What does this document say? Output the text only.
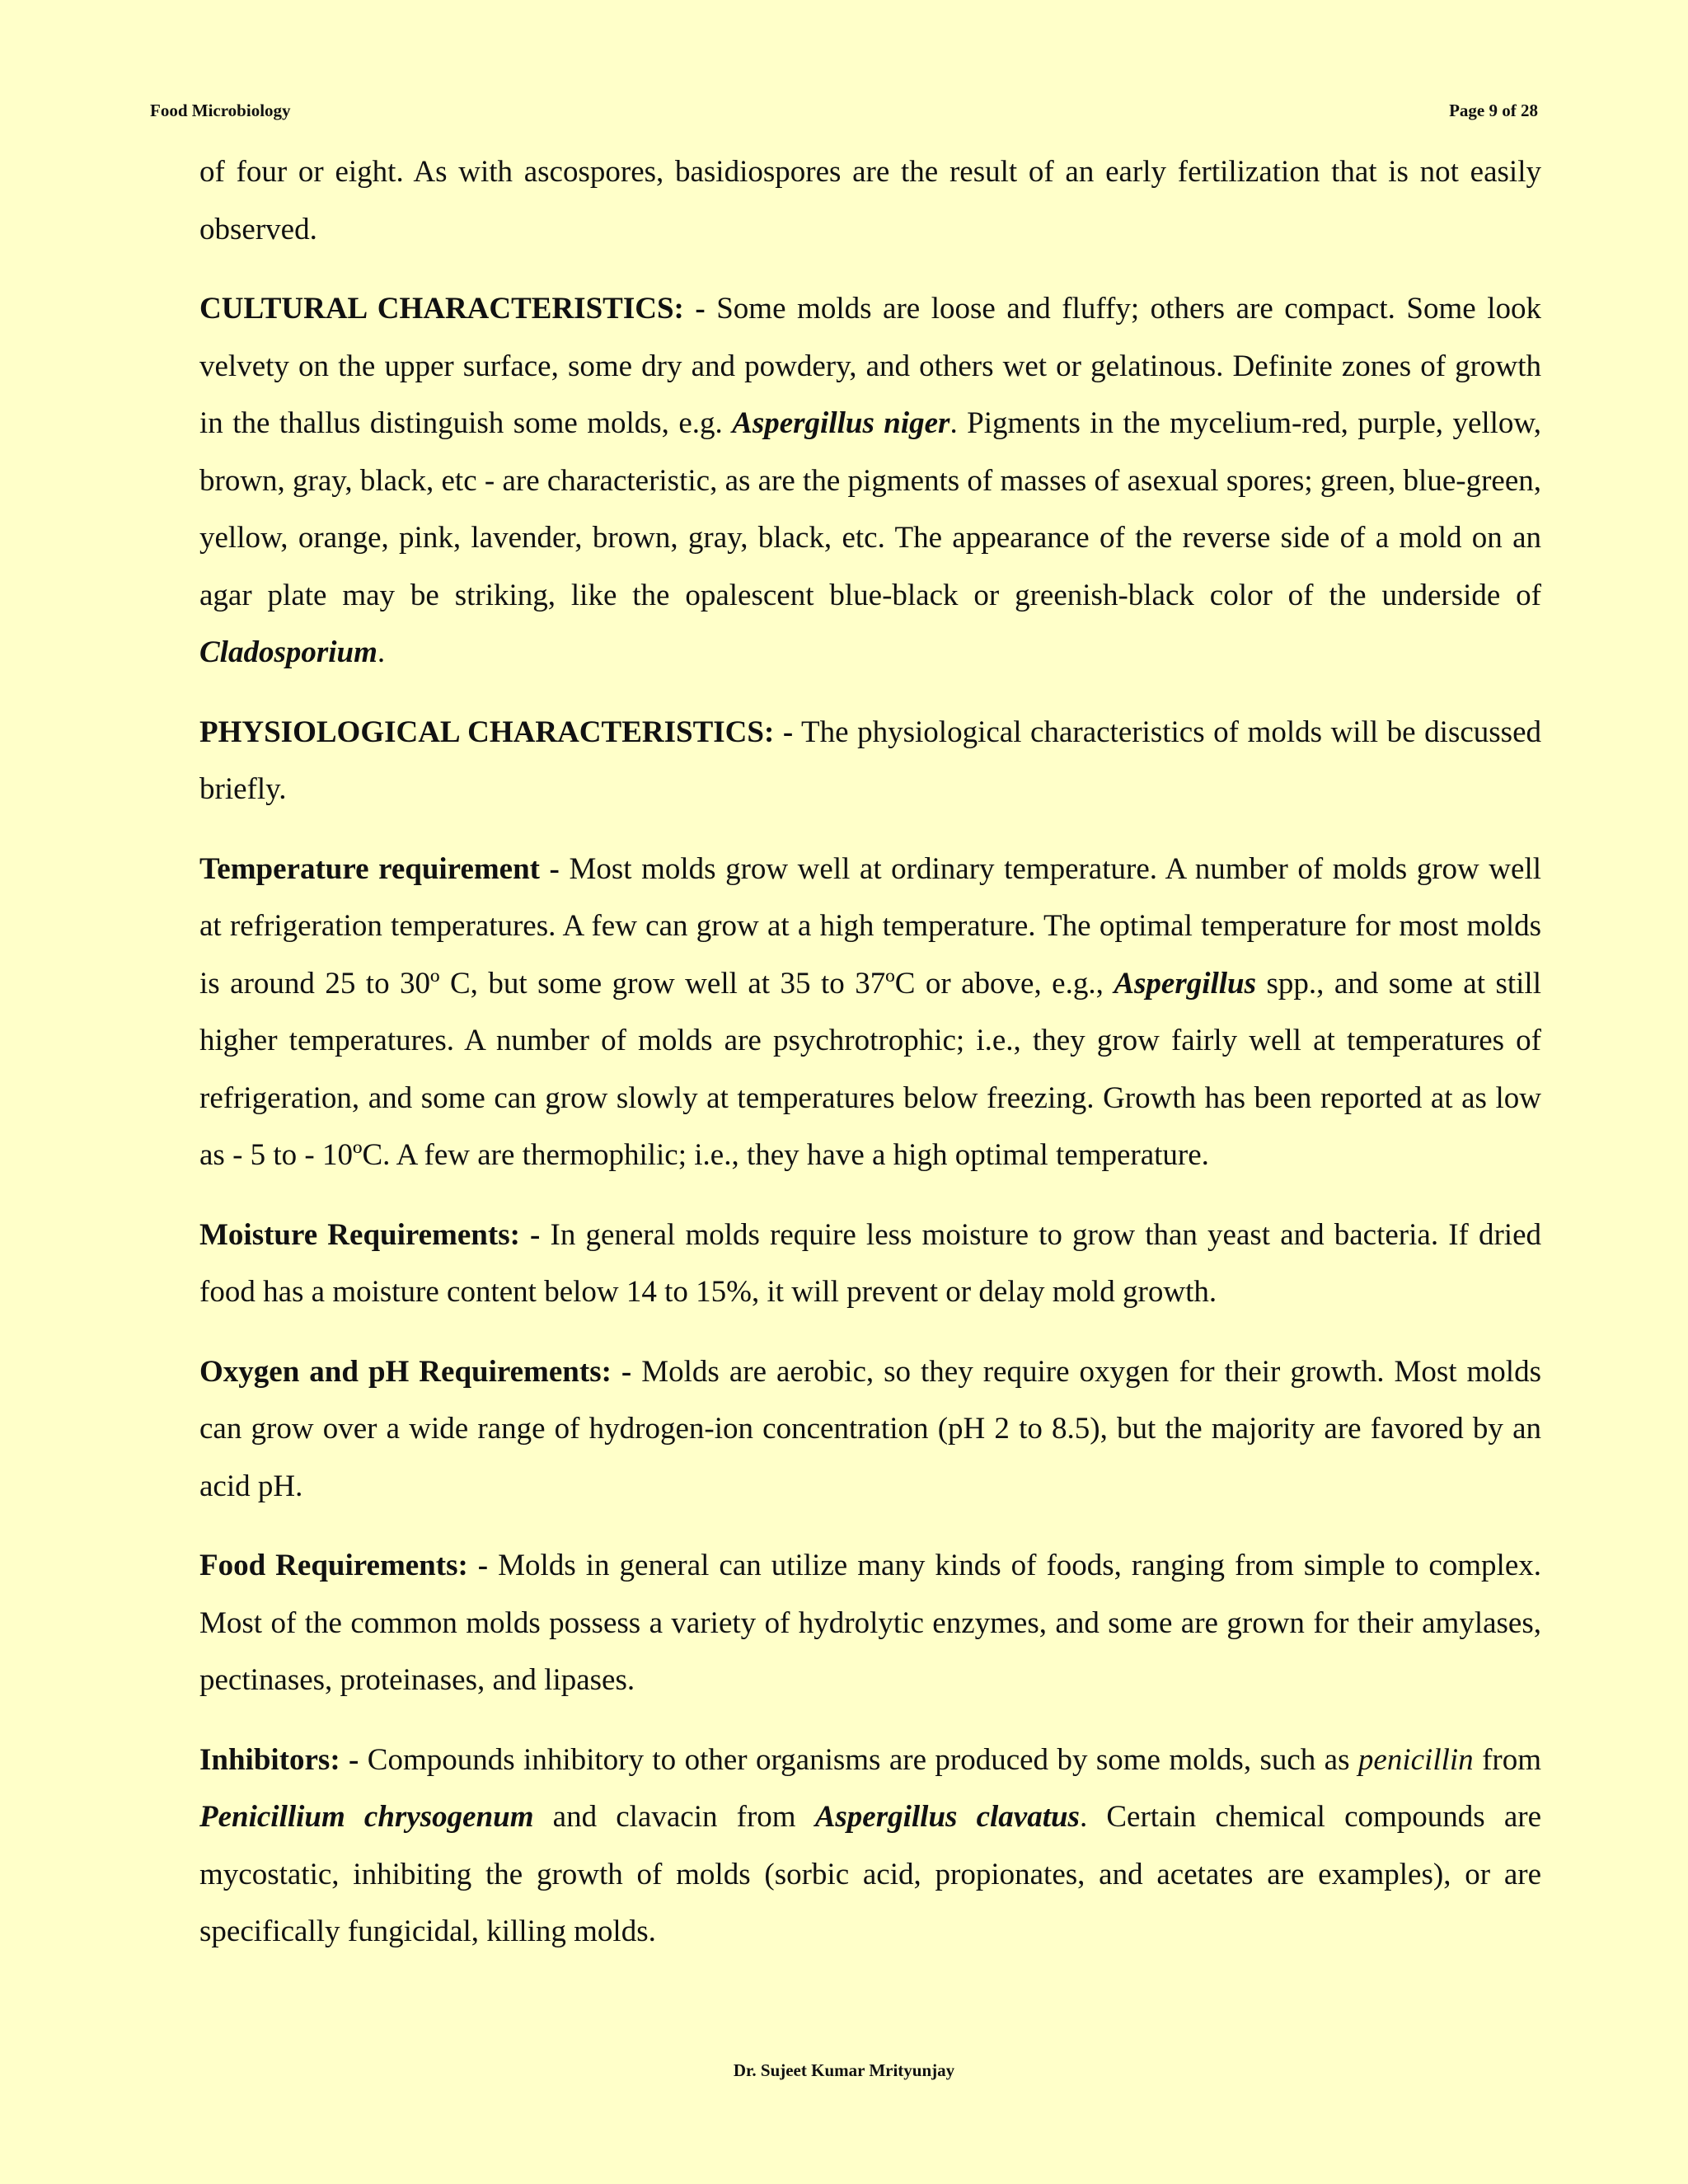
Food Microbiology	Page 9 of 28

of four or eight. As with ascospores, basidiospores are the result of an early fertilization that is not easily observed.

CULTURAL CHARACTERISTICS: - Some molds are loose and fluffy; others are compact. Some look velvety on the upper surface, some dry and powdery, and others wet or gelatinous. Definite zones of growth in the thallus distinguish some molds, e.g. Aspergillus niger. Pigments in the mycelium-red, purple, yellow, brown, gray, black, etc - are characteristic, as are the pigments of masses of asexual spores; green, blue-green, yellow, orange, pink, lavender, brown, gray, black, etc. The appearance of the reverse side of a mold on an agar plate may be striking, like the opalescent blue-black or greenish-black color of the underside of Cladosporium.

PHYSIOLOGICAL CHARACTERISTICS: - The physiological characteristics of molds will be discussed briefly.

Temperature requirement - Most molds grow well at ordinary temperature. A number of molds grow well at refrigeration temperatures. A few can grow at a high temperature. The optimal temperature for most molds is around 25 to 30º C, but some grow well at 35 to 37ºC or above, e.g., Aspergillus spp., and some at still higher temperatures. A number of molds are psychrotrophic; i.e., they grow fairly well at temperatures of refrigeration, and some can grow slowly at temperatures below freezing. Growth has been reported at as low as - 5 to - 10ºC. A few are thermophilic; i.e., they have a high optimal temperature.

Moisture Requirements: - In general molds require less moisture to grow than yeast and bacteria. If dried food has a moisture content below 14 to 15%, it will prevent or delay mold growth.

Oxygen and pH Requirements: - Molds are aerobic, so they require oxygen for their growth. Most molds can grow over a wide range of hydrogen-ion concentration (pH 2 to 8.5), but the majority are favored by an acid pH.

Food Requirements: - Molds in general can utilize many kinds of foods, ranging from simple to complex. Most of the common molds possess a variety of hydrolytic enzymes, and some are grown for their amylases, pectinases, proteinases, and lipases.

Inhibitors: - Compounds inhibitory to other organisms are produced by some molds, such as penicillin from Penicillium chrysogenum and clavacin from Aspergillus clavatus. Certain chemical compounds are mycostatic, inhibiting the growth of molds (sorbic acid, propionates, and acetates are examples), or are specifically fungicidal, killing molds.

Dr. Sujeet Kumar Mrityunjay
